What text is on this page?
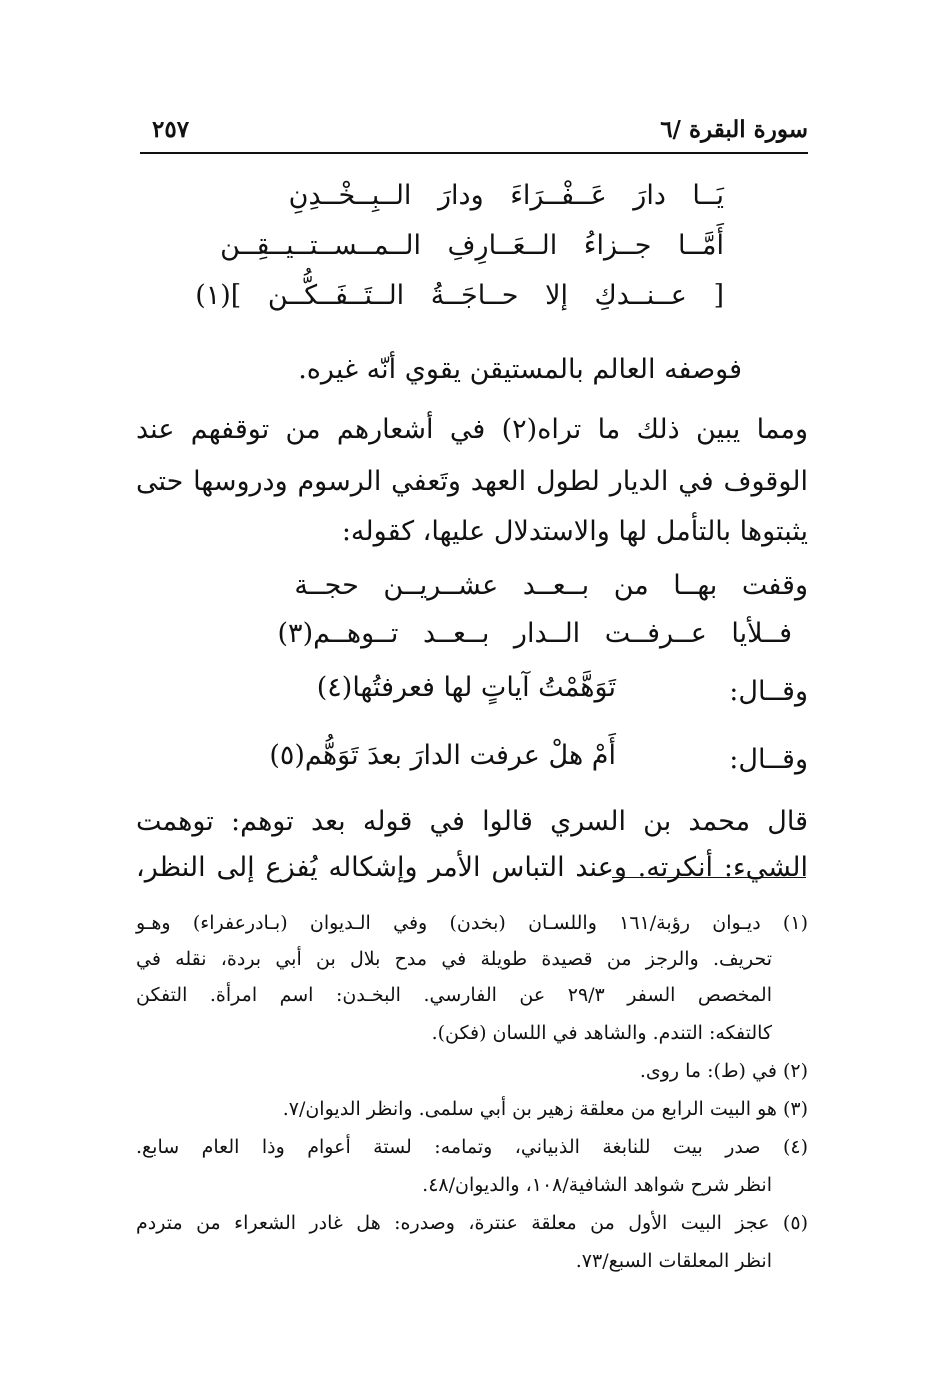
سورة البقرة /٦
٢٥٧
يَــا دارَ عَــفْــرَاءَ ودارَ الــبِــخْــدِنِ
أَمَّــا جــزاءُ الــعَــارِفِ الــمــســتــيــقِــن
[ عــنــدكِ إلا حــاجَــةُ الــتَــفَــكُّــن ](١)
فوصفه العالم بالمستيقن يقوي أنّه غيره.
ومما يبين ذلك ما تراه(٢) في أشعارهم من توقفهم عند
الوقوف في الديار لطول العهد وتَعفي الرسوم ودروسها حتى
يثبتوها بالتأمل لها والاستدلال عليها، كقوله:
وقفت بهــا من بــعــد عشــريــن حجــة
فــلأيا عــرفــت الــدار بــعــد تــوهــم(٣)
وقــال:
تَوَهَّمْتُ آياتٍ لها فعرفتُها(٤)
وقــال:
أَمْ هلْ عرفت الدارَ بعدَ تَوَهُّم(٥)
قال محمد بن السري قالوا في قوله بعد توهم: توهمت
الشيء: أنكرته. وعند التباس الأمر وإشكاله يُفزع إلى النظر،
(١) ديـوان رؤبة/١٦١ واللسـان (بخدن) وفي الـديوان (بـادرعفراء) وهـو
تحريف. والرجز من قصيدة طويلة في مدح بلال بن أبي بردة، نقله في
المخصص السفر ٢٩/٣ عن الفارسي. البخـدن: اسم امرأة. التفكن
كالتفكه: التندم. والشاهد في اللسان (فكن).
(٢) في (ط): ما روى.
(٣) هو البيت الرابع من معلقة زهير بن أبي سلمى. وانظر الديوان/٧.
(٤) صدر بيت للنابغة الذبياني، وتمامه: لستة أعوام وذا العام سابع.
انظر شرح شواهد الشافية/١٠٨، والديوان/٤٨.
(٥) عجز البيت الأول من معلقة عنترة، وصدره: هل غادر الشعراء من متردم
انظر المعلقات السبع/٧٣.
